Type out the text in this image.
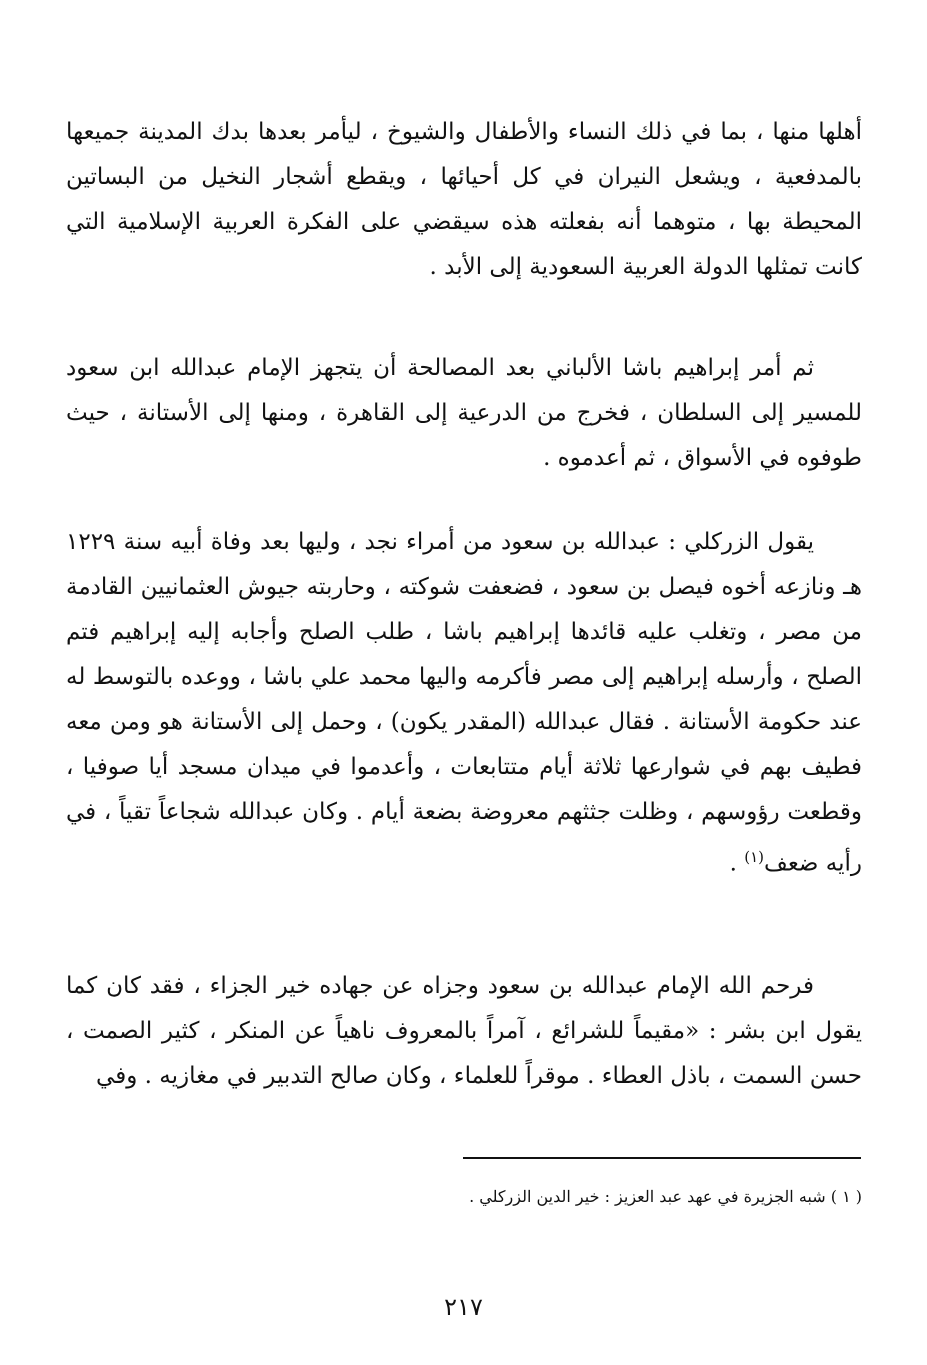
أهلها منها ، بما في ذلك النساء والأطفال والشيوخ ، ليأمر بعدها بدك المدينة جميعها بالمدفعية ، ويشعل النيران في كل أحيائها ، ويقطع أشجار النخيل من البساتين المحيطة بها ، متوهما أنه بفعلته هذه سيقضي على الفكرة العربية الإسلامية التي كانت تمثلها الدولة العربية السعودية إلى الأبد .

ثم أمر إبراهيم باشا الألباني بعد المصالحة أن يتجهز الإمام عبدالله ابن سعود للمسير إلى السلطان ، فخرج من الدرعية إلى القاهرة ، ومنها إلى الأستانة ، حيث طوفوه في الأسواق ، ثم أعدموه .

يقول الزركلي : عبدالله بن سعود من أمراء نجد ، وليها بعد وفاة أبيه سنة ١٢٢٩ هـ ونازعه أخوه فيصل بن سعود ، فضعفت شوكته ، وحاربته جيوش العثمانيين القادمة من مصر ، وتغلب عليه قائدها إبراهيم باشا ، طلب الصلح وأجابه إليه إبراهيم فتم الصلح ، وأرسله إبراهيم إلى مصر فأكرمه واليها محمد علي باشا ، ووعده بالتوسط له عند حكومة الأستانة . فقال عبدالله (المقدر يكون) ، وحمل إلى الأستانة هو ومن معه فطيف بهم في شوارعها ثلاثة أيام متتابعات ، وأعدموا في ميدان مسجد أيا صوفيا ، وقطعت رؤوسهم ، وظلت جثثهم معروضة بضعة أيام . وكان عبدالله شجاعاً تقياً ، في رأيه ضعف$^{(١)}$ .

فرحم الله الإمام عبدالله بن سعود وجزاه عن جهاده خير الجزاء ، فقد كان كما يقول ابن بشر : «مقيماً للشرائع ، آمراً بالمعروف ناهياً عن المنكر ، كثير الصمت ، حسن السمت ، باذل العطاء . موقراً للعلماء ، وكان صالح التدبير في مغازيه . وفي

( ١ ) شبه الجزيرة في عهد عبد العزيز : خير الدين الزركلي .
٢١٧
